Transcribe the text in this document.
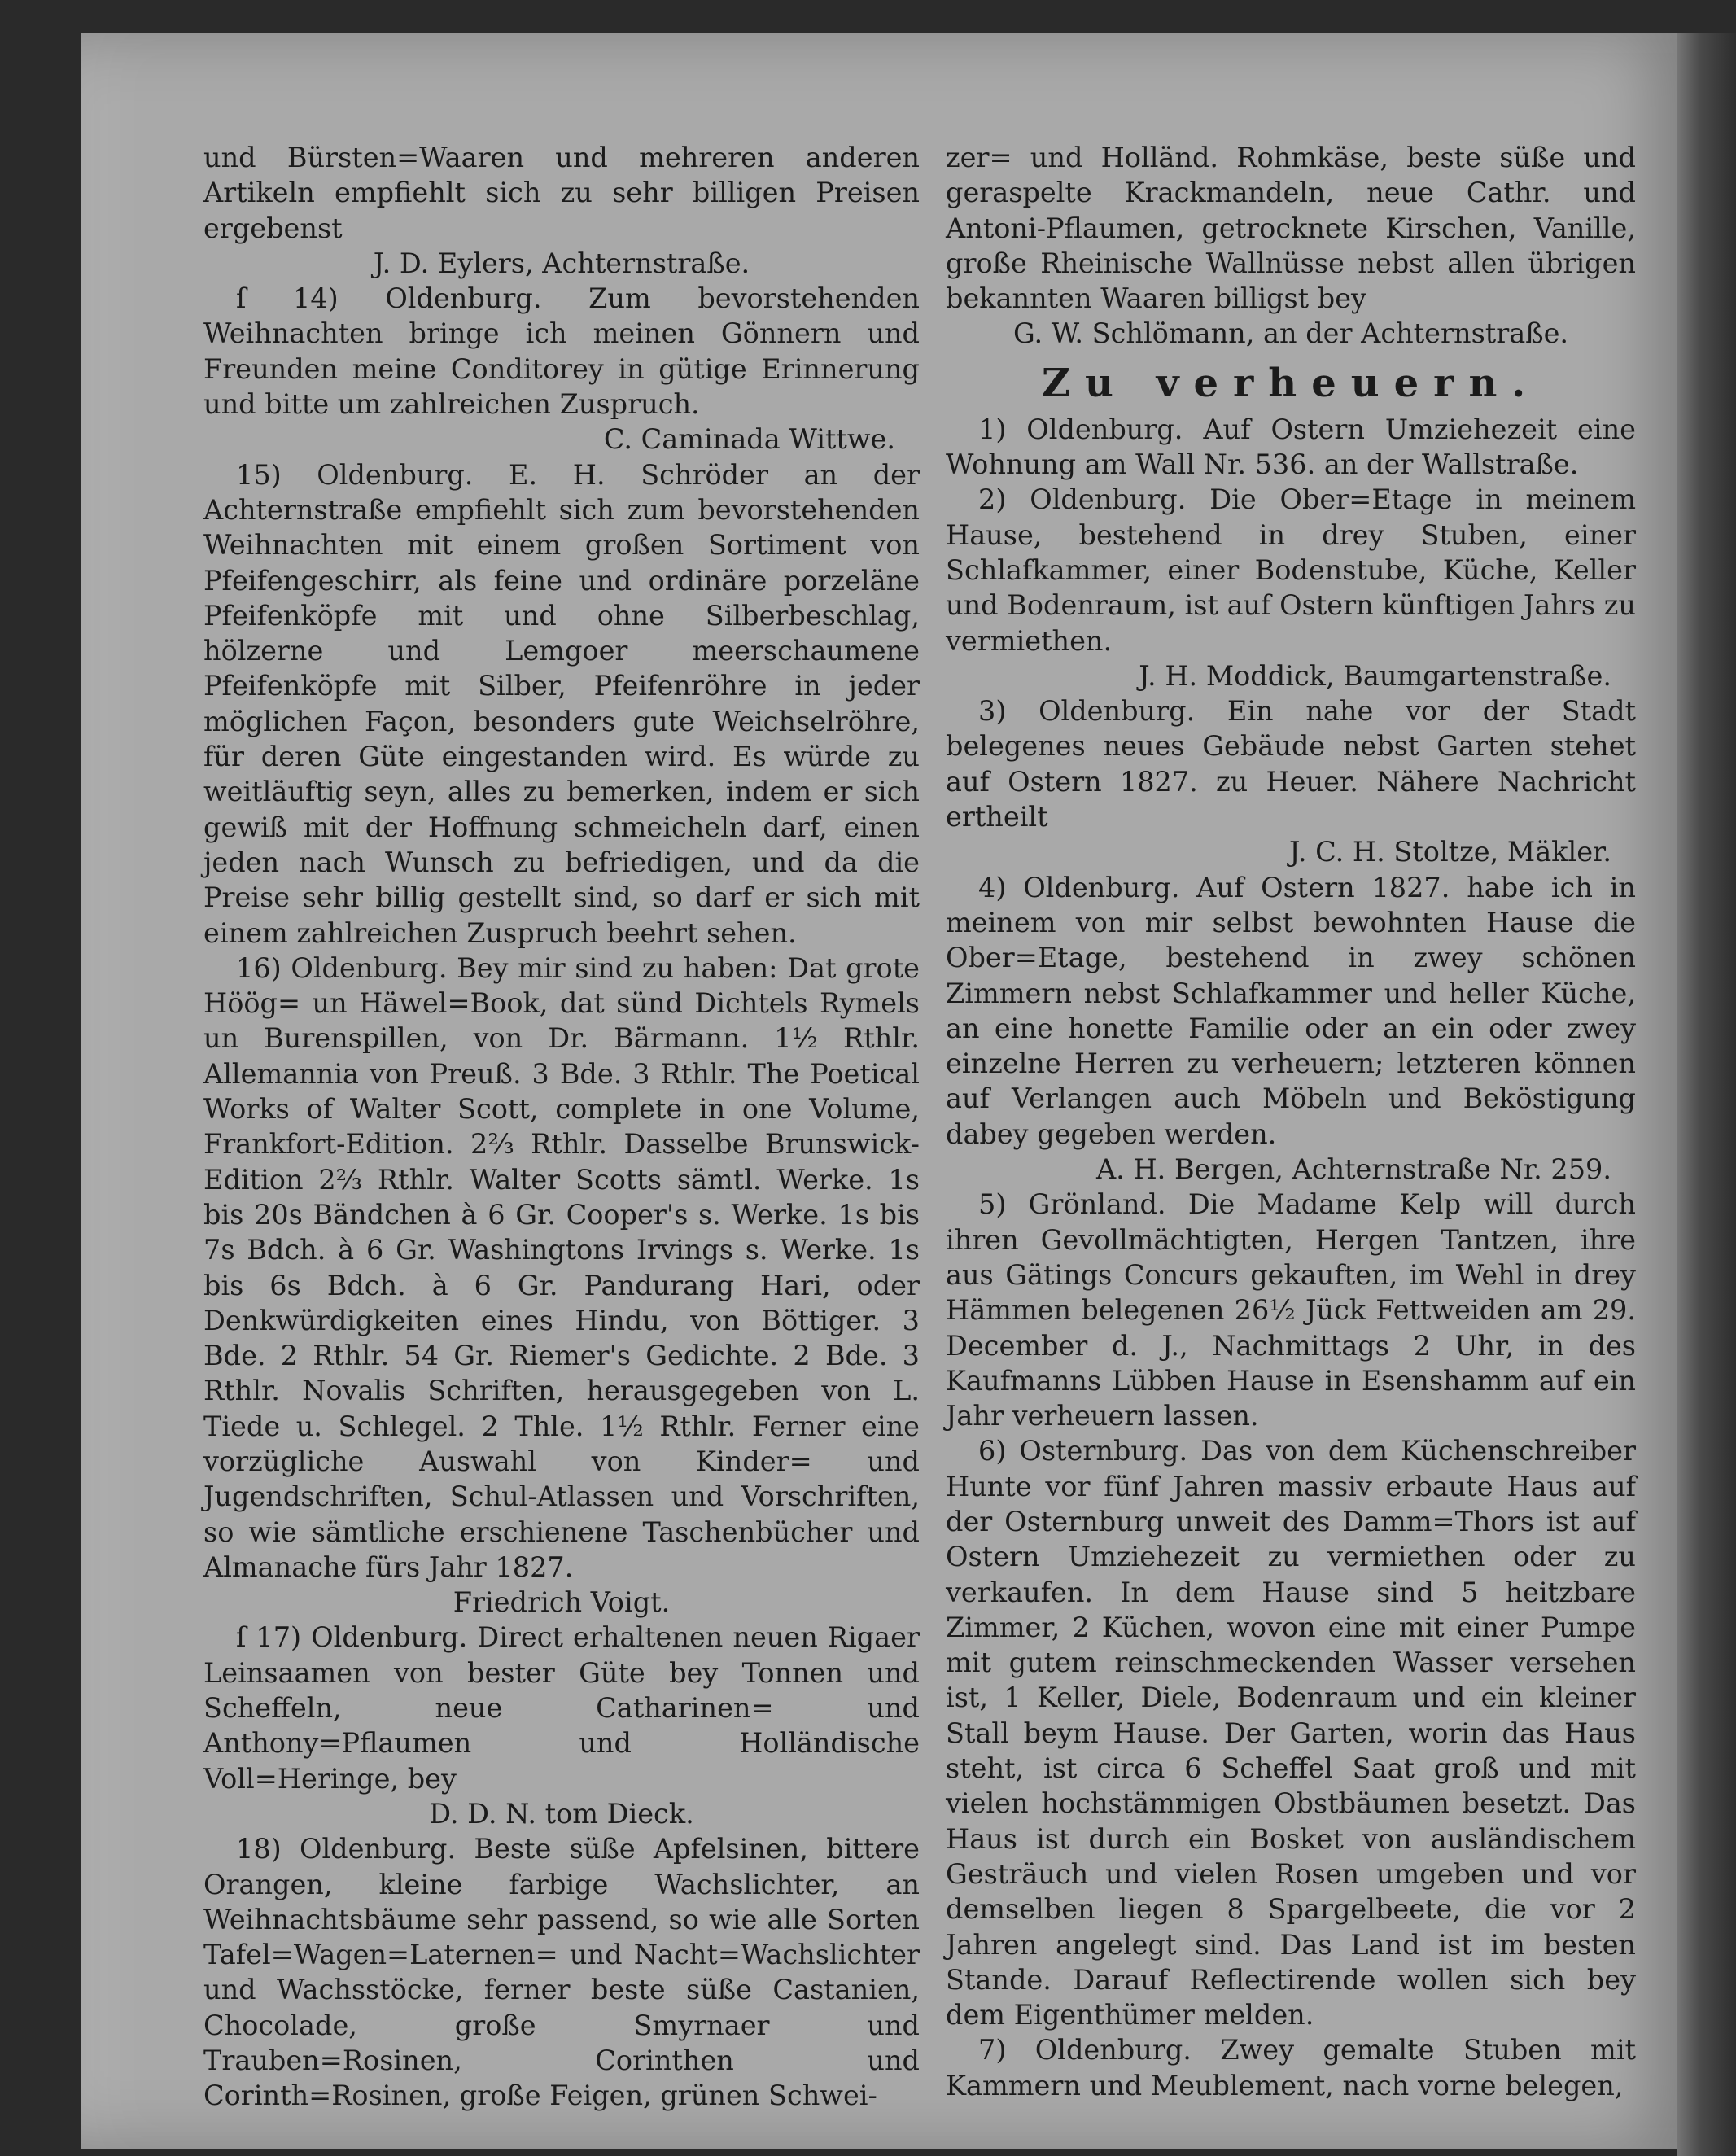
und Bürsten=Waaren und mehreren anderen Artikeln empfiehlt sich zu sehr billigen Preisen ergebenst

J. D. Eylers, Achternstraße.

ſ 14) Oldenburg. Zum bevorstehenden Weihnachten bringe ich meinen Gönnern und Freunden meine Conditorey in gütige Erinnerung und bitte um zahlreichen Zuspruch.

C. Caminada Wittwe.

15) Oldenburg. E. H. Schröder an der Achternstraße empfiehlt sich zum bevorstehenden Weihnachten mit einem großen Sortiment von Pfeifengeschirr, als feine und ordinäre porzeläne Pfeifenköpfe mit und ohne Silberbeschlag, hölzerne und Lemgoer meerschaumene Pfeifenköpfe mit Silber, Pfeifenröhre in jeder möglichen Façon, besonders gute Weichselröhre, für deren Güte eingestanden wird. Es würde zu weitläuftig seyn, alles zu bemerken, indem er sich gewiß mit der Hoffnung schmeicheln darf, einen jeden nach Wunsch zu befriedigen, und da die Preise sehr billig gestellt sind, so darf er sich mit einem zahlreichen Zuspruch beehrt sehen.

16) Oldenburg. Bey mir sind zu haben: Dat grote Höög= un Häwel=Book, dat sünd Dichtels Rymels un Burenspillen, von Dr. Bärmann. 1½ Rthlr. Allemannia von Preuß. 3 Bde. 3 Rthlr. The Poetical Works of Walter Scott, complete in one Volume, Frankfort-Edition. 2⅔ Rthlr. Dasselbe Brunswick-Edition 2⅔ Rthlr. Walter Scotts sämtl. Werke. 1s bis 20s Bändchen à 6 Gr. Cooper's s. Werke. 1s bis 7s Bdch. à 6 Gr. Washingtons Irvings s. Werke. 1s bis 6s Bdch. à 6 Gr. Pandurang Hari, oder Denkwürdigkeiten eines Hindu, von Böttiger. 3 Bde. 2 Rthlr. 54 Gr. Riemer's Gedichte. 2 Bde. 3 Rthlr. Novalis Schriften, herausgegeben von L. Tiede u. Schlegel. 2 Thle. 1½ Rthlr. Ferner eine vorzügliche Auswahl von Kinder= und Jugendschriften, Schul-Atlassen und Vorschriften, so wie sämtliche erschienene Taschenbücher und Almanache fürs Jahr 1827.

Friedrich Voigt.

ſ 17) Oldenburg. Direct erhaltenen neuen Rigaer Leinsaamen von bester Güte bey Tonnen und Scheffeln, neue Catharinen= und Anthony=Pflaumen und Holländische Voll=Heringe, bey

D. D. N. tom Dieck.

18) Oldenburg. Beste süße Apfelsinen, bittere Orangen, kleine farbige Wachslichter, an Weihnachtsbäume sehr passend, so wie alle Sorten Tafel=Wagen=Laternen= und Nacht=Wachslichter und Wachsstöcke, ferner beste süße Castanien, Chocolade, große Smyrnaer und Trauben=Rosinen, Corinthen und Corinth=Rosinen, große Feigen, grünen Schwei-

zer= und Holländ. Rohmkäse, beste süße und geraspelte Krackmandeln, neue Cathr. und Antoni-Pflaumen, getrocknete Kirschen, Vanille, große Rheinische Wallnüsse nebst allen übrigen bekannten Waaren billigst bey

G. W. Schlömann, an der Achternstraße.
Zu verheuern.

1) Oldenburg. Auf Ostern Umziehezeit eine Wohnung am Wall Nr. 536. an der Wallstraße.

2) Oldenburg. Die Ober=Etage in meinem Hause, bestehend in drey Stuben, einer Schlafkammer, einer Bodenstube, Küche, Keller und Bodenraum, ist auf Ostern künftigen Jahrs zu vermiethen.

J. H. Moddick, Baumgartenstraße.

3) Oldenburg. Ein nahe vor der Stadt belegenes neues Gebäude nebst Garten stehet auf Ostern 1827. zu Heuer. Nähere Nachricht ertheilt

J. C. H. Stoltze, Mäkler.

4) Oldenburg. Auf Ostern 1827. habe ich in meinem von mir selbst bewohnten Hause die Ober=Etage, bestehend in zwey schönen Zimmern nebst Schlafkammer und heller Küche, an eine honette Familie oder an ein oder zwey einzelne Herren zu verheuern; letzteren können auf Verlangen auch Möbeln und Beköstigung dabey gegeben werden.

A. H. Bergen, Achternstraße Nr. 259.

5) Grönland. Die Madame Kelp will durch ihren Gevollmächtigten, Hergen Tantzen, ihre aus Gätings Concurs gekauften, im Wehl in drey Hämmen belegenen 26½ Jück Fettweiden am 29. December d. J., Nachmittags 2 Uhr, in des Kaufmanns Lübben Hause in Esenshamm auf ein Jahr verheuern lassen.

6) Osternburg. Das von dem Küchenschreiber Hunte vor fünf Jahren massiv erbaute Haus auf der Osternburg unweit des Damm=Thors ist auf Ostern Umziehezeit zu vermiethen oder zu verkaufen. In dem Hause sind 5 heitzbare Zimmer, 2 Küchen, wovon eine mit einer Pumpe mit gutem reinschmeckenden Wasser versehen ist, 1 Keller, Diele, Bodenraum und ein kleiner Stall beym Hause. Der Garten, worin das Haus steht, ist circa 6 Scheffel Saat groß und mit vielen hochstämmigen Obstbäumen besetzt. Das Haus ist durch ein Bosket von ausländischem Gesträuch und vielen Rosen umgeben und vor demselben liegen 8 Spargelbeete, die vor 2 Jahren angelegt sind. Das Land ist im besten Stande. Darauf Reflectirende wollen sich bey dem Eigenthümer melden.

7) Oldenburg. Zwey gemalte Stuben mit Kammern und Meublement, nach vorne belegen,
